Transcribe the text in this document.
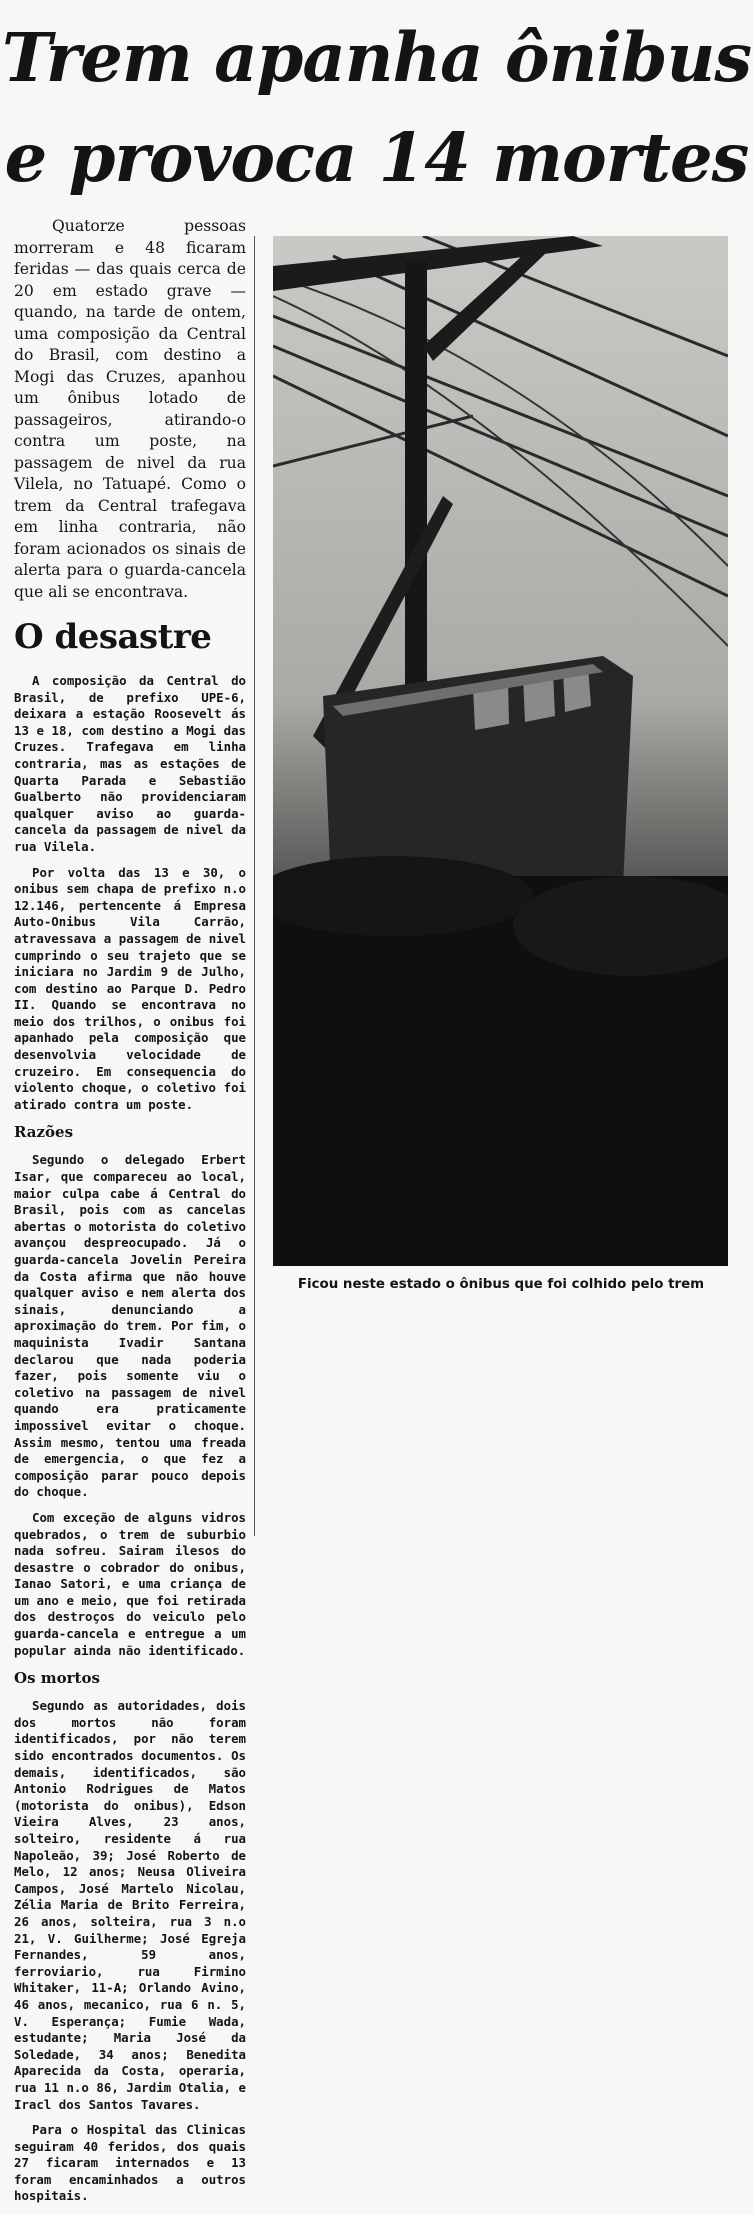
Trem apanha ônibus
e provoca 14 mortes

Quatorze pessoas morreram e 48 ficaram feridas — das quais cerca de 20 em estado grave — quando, na tarde de ontem, uma composição da Central do Brasil, com destino a Mogi das Cruzes, apanhou um ônibus lotado de passageiros, atirando-o contra um poste, na passagem de nivel da rua Vilela, no Tatuapé. Como o trem da Central trafegava em linha contraria, não foram acionados os sinais de alerta para o guarda-cancela que ali se encontrava.

O desastre

A composição da Central do Brasil, de prefixo UPE-6, deixara a estação Roosevelt ás 13 e 18, com destino a Mogi das Cruzes. Trafegava em linha contraria, mas as estações de Quarta Parada e Sebastião Gualberto não providenciaram qualquer aviso ao guarda-cancela da passagem de nivel da rua Vilela.

Por volta das 13 e 30, o onibus sem chapa de prefixo n.o 12.146, pertencente á Empresa Auto-Onibus Vila Carrão, atravessava a passagem de nivel cumprindo o seu trajeto que se iniciara no Jardim 9 de Julho, com destino ao Parque D. Pedro II. Quando se encontrava no meio dos trilhos, o onibus foi apanhado pela composição que desenvolvia velocidade de cruzeiro. Em consequencia do violento choque, o coletivo foi atirado contra um poste.

Razões

Segundo o delegado Erbert Isar, que compareceu ao local, maior culpa cabe á Central do Brasil, pois com as cancelas abertas o motorista do coletivo avançou despreocupado. Já o guarda-cancela Jovelin Pereira da Costa afirma que não houve qualquer aviso e nem alerta dos sinais, denunciando a aproximação do trem. Por fim, o maquinista Ivadir Santana declarou que nada poderia fazer, pois somente viu o coletivo na passagem de nivel quando era praticamente impossivel evitar o choque. Assim mesmo, tentou uma freada de emergencia, o que fez a composição parar pouco depois do choque.

Com exceção de alguns vidros quebrados, o trem de suburbio nada sofreu. Sairam ilesos do desastre o cobrador do onibus, Ianao Satori, e uma criança de um ano e meio, que foi retirada dos destroços do veiculo pelo guarda-cancela e entregue a um popular ainda não identificado.

Os mortos

Segundo as autoridades, dois dos mortos não foram identificados, por não terem sido encontrados documentos. Os demais, identificados, são Antonio Rodrigues de Matos (motorista do onibus), Edson Vieira Alves, 23 anos, solteiro, residente á rua Napoleão, 39; José Roberto de Melo, 12 anos; Neusa Oliveira Campos, José Martelo Nicolau, Zélia Maria de Brito Ferreira, 26 anos, solteira, rua 3 n.o 21, V. Guilherme; José Egreja Fernandes, 59 anos, ferroviario, rua Firmino Whitaker, 11-A; Orlando Avino, 46 anos, mecanico, rua 6 n. 5, V. Esperança; Fumie Wada, estudante; Maria José da Soledade, 34 anos; Benedita Aparecida da Costa, operaria, rua 11 n.o 86, Jardim Otalia, e Iracl dos Santos Tavares.

Para o Hospital das Clinicas seguiram 40 feridos, dos quais 27 ficaram internados e 13 foram encaminhados a outros hospitais.

Ficou neste estado o ônibus que foi colhido pelo trem
